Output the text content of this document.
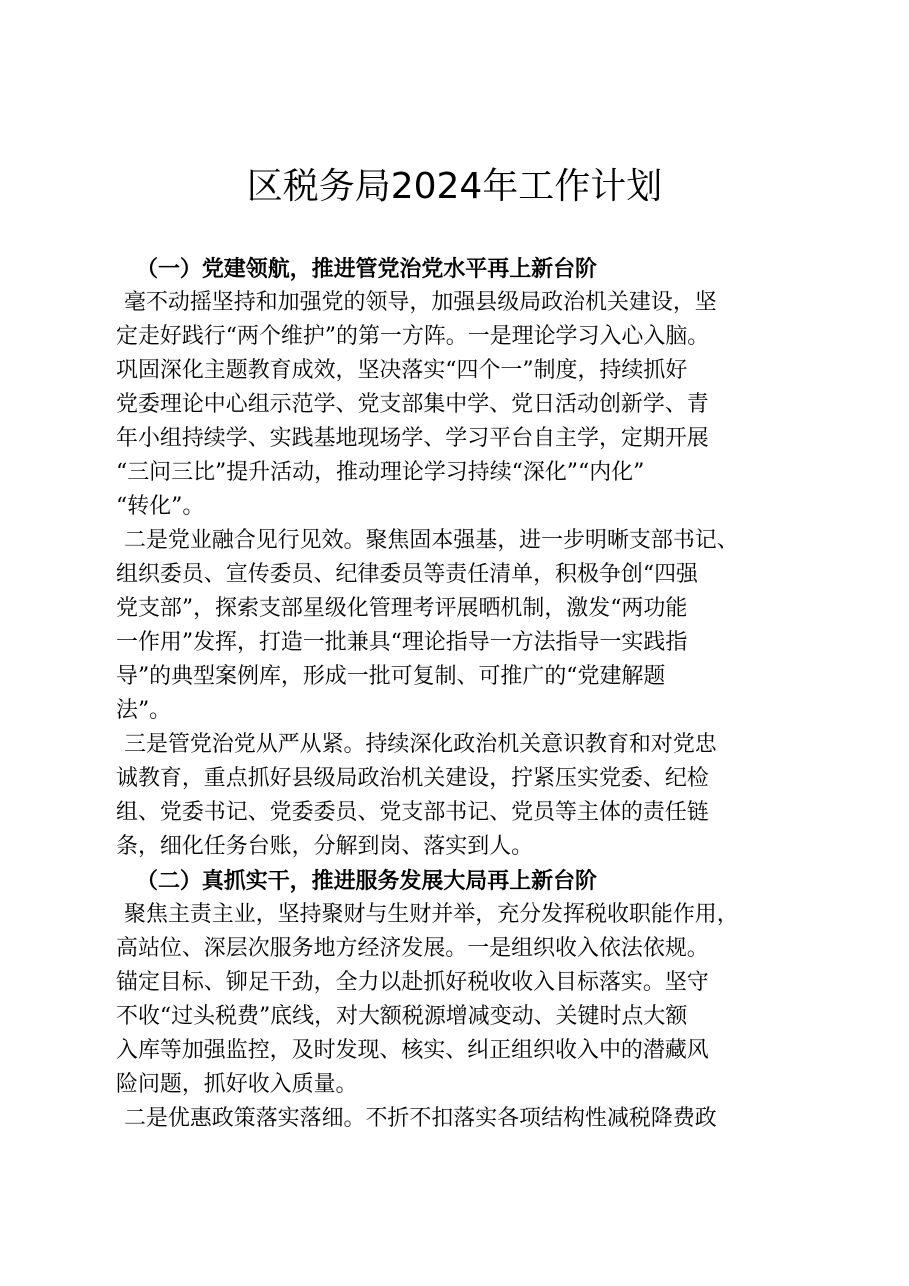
区税务局2024年工作计划
（一）党建领航，推进管党治党水平再上新台阶
毫不动摇坚持和加强党的领导，加强县级局政治机关建设，坚
定走好践行“两个维护”的第一方阵。一是理论学习入心入脑。
巩固深化主题教育成效，坚决落实“四个一”制度，持续抓好
党委理论中心组示范学、党支部集中学、党日活动创新学、青
年小组持续学、实践基地现场学、学习平台自主学，定期开展
“三问三比”提升活动，推动理论学习持续“深化”“内化”
“转化”。
二是党业融合见行见效。聚焦固本强基，进一步明晰支部书记、
组织委员、宣传委员、纪律委员等责任清单，积极争创“四强
党支部”，探索支部星级化管理考评展晒机制，激发“两功能
一作用”发挥，打造一批兼具“理论指导一方法指导一实践指
导”的典型案例库，形成一批可复制、可推广的“党建解题
法”。
三是管党治党从严从紧。持续深化政治机关意识教育和对党忠
诚教育，重点抓好县级局政治机关建设，拧紧压实党委、纪检
组、党委书记、党委委员、党支部书记、党员等主体的责任链
条，细化任务台账，分解到岗、落实到人。
（二）真抓实干，推进服务发展大局再上新台阶
聚焦主责主业，坚持聚财与生财并举，充分发挥税收职能作用，
高站位、深层次服务地方经济发展。一是组织收入依法依规。
锚定目标、铆足干劲，全力以赴抓好税收收入目标落实。坚守
不收“过头税费”底线，对大额税源增减变动、关键时点大额
入库等加强监控，及时发现、核实、纠正组织收入中的潜藏风
险问题，抓好收入质量。
二是优惠政策落实落细。不折不扣落实各项结构性减税降费政
